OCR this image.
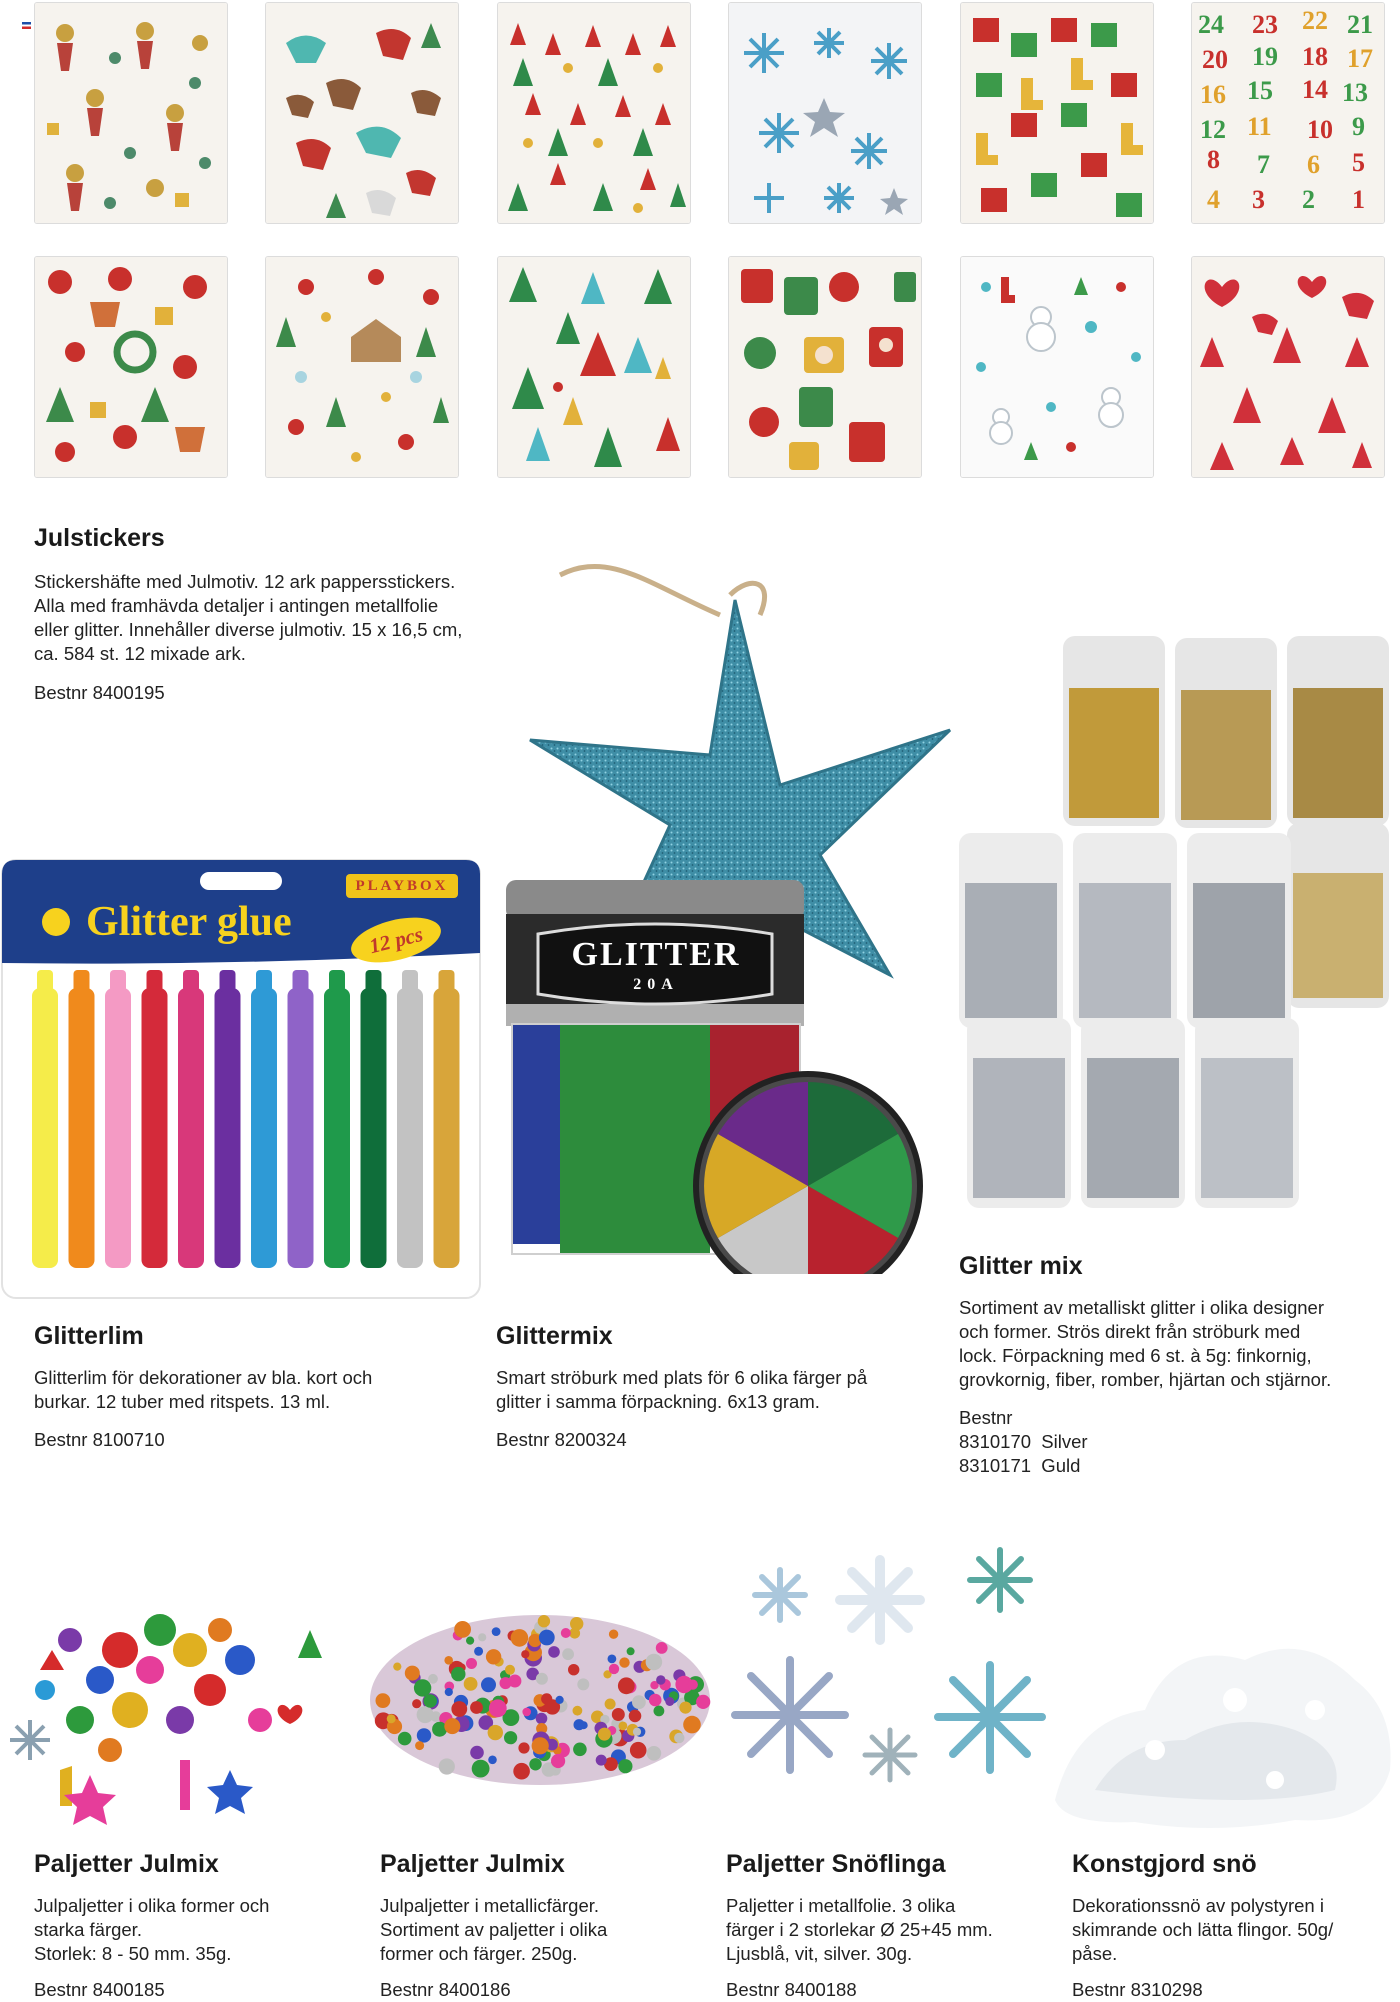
24 23 22 21
20 19 18 17
16 15 14 13
12 11 10 9
8 7 6 5
4 3 2 1
Julstickers

Stickershäfte med Julmotiv. 12 ark pappersstickers.
Alla med framhävda detaljer i antingen metallfolie
eller glitter. Innehåller diverse julmotiv. 15 x 16,5 cm,
ca. 584 st. 12 mixade ark.

Bestnr 8400195

PLAYBOX
Glitter glue	12 pcs	GLITTER
20A
Glitterlim

Glitterlim för dekorationer av bla. kort och
burkar. 12 tuber med ritspets. 13 ml.

Bestnr 8100710

Glittermix

Smart ströburk med plats för 6 olika färger på
glitter i samma förpackning. 6x13 gram.

Bestnr 8200324

Glitter mix

Sortiment av metalliskt glitter i olika designer
och former. Strös direkt från ströburk med
lock. Förpackning med 6 st. à 5g: finkornig,
grovkornig, fiber, romber, hjärtan och stjärnor.

Bestnr
8310170  Silver
8310171  Guld

Paljetter Julmix

Julpaljetter i olika former och
starka färger.
Storlek: 8 - 50 mm. 35g.

Bestnr 8400185

Paljetter Julmix

Julpaljetter i metallicfärger.
Sortiment av paljetter i olika
former och färger. 250g.

Bestnr 8400186

Paljetter Snöflinga

Paljetter i metallfolie. 3 olika
färger i 2 storlekar Ø 25+45 mm.
Ljusblå, vit, silver. 30g.

Bestnr 8400188

Konstgjord snö

Dekorationssnö av polystyren i
skimrande och lätta flingor. 50g/
påse.

Bestnr 8310298
